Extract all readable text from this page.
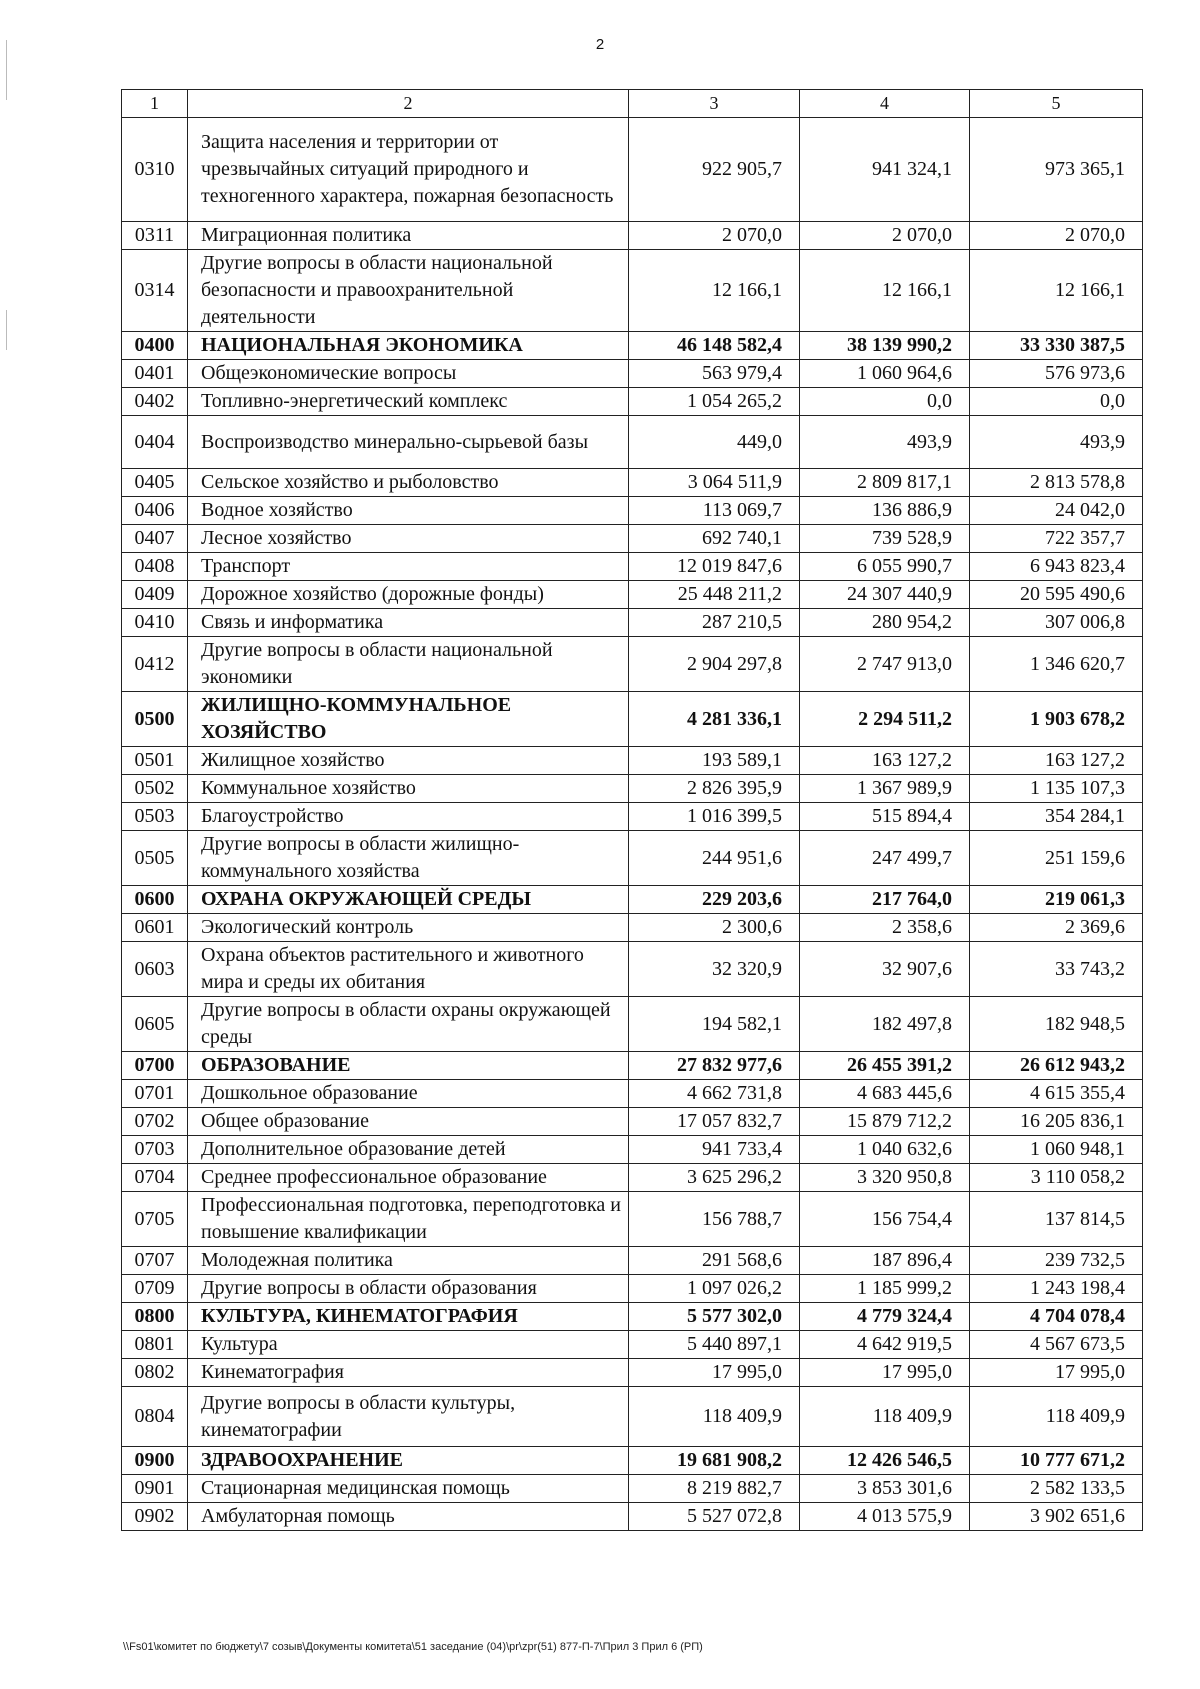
2
1	2	3	4	5
0310	Защита населения и территории от чрезвычайных ситуаций природного и техногенного характера, пожарная безопасность	922 905,7	941 324,1	973 365,1
0311	Миграционная политика	2 070,0	2 070,0	2 070,0
0314	Другие вопросы в области национальной безопасности и правоохранительной деятельности	12 166,1	12 166,1	12 166,1
0400	НАЦИОНАЛЬНАЯ ЭКОНОМИКА	46 148 582,4	38 139 990,2	33 330 387,5
0401	Общеэкономические вопросы	563 979,4	1 060 964,6	576 973,6
0402	Топливно-энергетический комплекс	1 054 265,2	0,0	0,0
0404	Воспроизводство минерально-сырьевой базы	449,0	493,9	493,9
0405	Сельское хозяйство и рыболовство	3 064 511,9	2 809 817,1	2 813 578,8
0406	Водное хозяйство	113 069,7	136 886,9	24 042,0
0407	Лесное хозяйство	692 740,1	739 528,9	722 357,7
0408	Транспорт	12 019 847,6	6 055 990,7	6 943 823,4
0409	Дорожное хозяйство (дорожные фонды)	25 448 211,2	24 307 440,9	20 595 490,6
0410	Связь и информатика	287 210,5	280 954,2	307 006,8
0412	Другие вопросы в области национальной экономики	2 904 297,8	2 747 913,0	1 346 620,7
0500	ЖИЛИЩНО-КОММУНАЛЬНОЕ ХОЗЯЙСТВО	4 281 336,1	2 294 511,2	1 903 678,2
0501	Жилищное хозяйство	193 589,1	163 127,2	163 127,2
0502	Коммунальное хозяйство	2 826 395,9	1 367 989,9	1 135 107,3
0503	Благоустройство	1 016 399,5	515 894,4	354 284,1
0505	Другие вопросы в области жилищно-коммунального хозяйства	244 951,6	247 499,7	251 159,6
0600	ОХРАНА ОКРУЖАЮЩЕЙ СРЕДЫ	229 203,6	217 764,0	219 061,3
0601	Экологический контроль	2 300,6	2 358,6	2 369,6
0603	Охрана объектов растительного и животного мира и среды их обитания	32 320,9	32 907,6	33 743,2
0605	Другие вопросы в области охраны окружающей среды	194 582,1	182 497,8	182 948,5
0700	ОБРАЗОВАНИЕ	27 832 977,6	26 455 391,2	26 612 943,2
0701	Дошкольное образование	4 662 731,8	4 683 445,6	4 615 355,4
0702	Общее образование	17 057 832,7	15 879 712,2	16 205 836,1
0703	Дополнительное образование детей	941 733,4	1 040 632,6	1 060 948,1
0704	Среднее профессиональное образование	3 625 296,2	3 320 950,8	3 110 058,2
0705	Профессиональная подготовка, переподготовка и повышение квалификации	156 788,7	156 754,4	137 814,5
0707	Молодежная политика	291 568,6	187 896,4	239 732,5
0709	Другие вопросы в области образования	1 097 026,2	1 185 999,2	1 243 198,4
0800	КУЛЬТУРА, КИНЕМАТОГРАФИЯ	5 577 302,0	4 779 324,4	4 704 078,4
0801	Культура	5 440 897,1	4 642 919,5	4 567 673,5
0802	Кинематография	17 995,0	17 995,0	17 995,0
0804	Другие вопросы в области культуры, кинематографии	118 409,9	118 409,9	118 409,9
0900	ЗДРАВООХРАНЕНИЕ	19 681 908,2	12 426 546,5	10 777 671,2
0901	Стационарная медицинская помощь	8 219 882,7	3 853 301,6	2 582 133,5
0902	Амбулаторная помощь	5 527 072,8	4 013 575,9	3 902 651,6
\\Fs01\комитет по бюджету\7 созыв\Документы комитета\51 заседание (04)\pr\zpr(51) 877-П-7\Прил 3 Прил 6 (РП)
